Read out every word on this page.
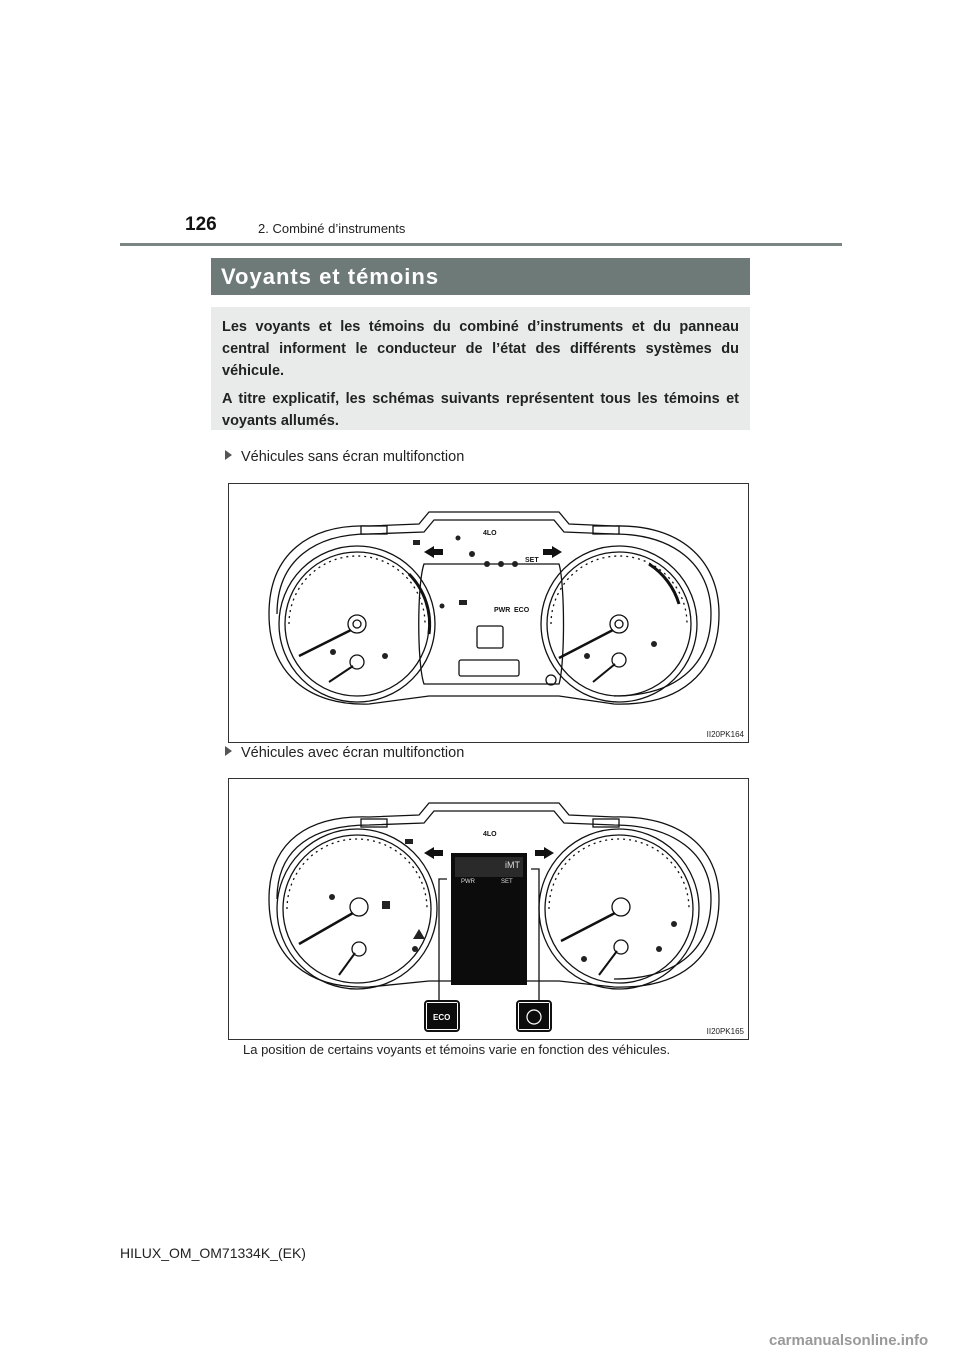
126	2. Combiné d’instruments
Voyants et témoins

Les voyants et les témoins du combiné d’instruments et du panneau central informent le conducteur de l’état des différents systèmes du véhicule.

A titre explicatif, les schémas suivants représentent tous les témoins et voyants allumés.

Véhicules sans écran multifonction
4LO
SET
PWR ECO
II20PK164
Véhicules avec écran multifonction
4LO
iMT
PWR	SET
ECO
II20PK165
La position de certains voyants et témoins varie en fonction des véhicules.
HILUX_OM_OM71334K_(EK)
carmanualsonline.info
